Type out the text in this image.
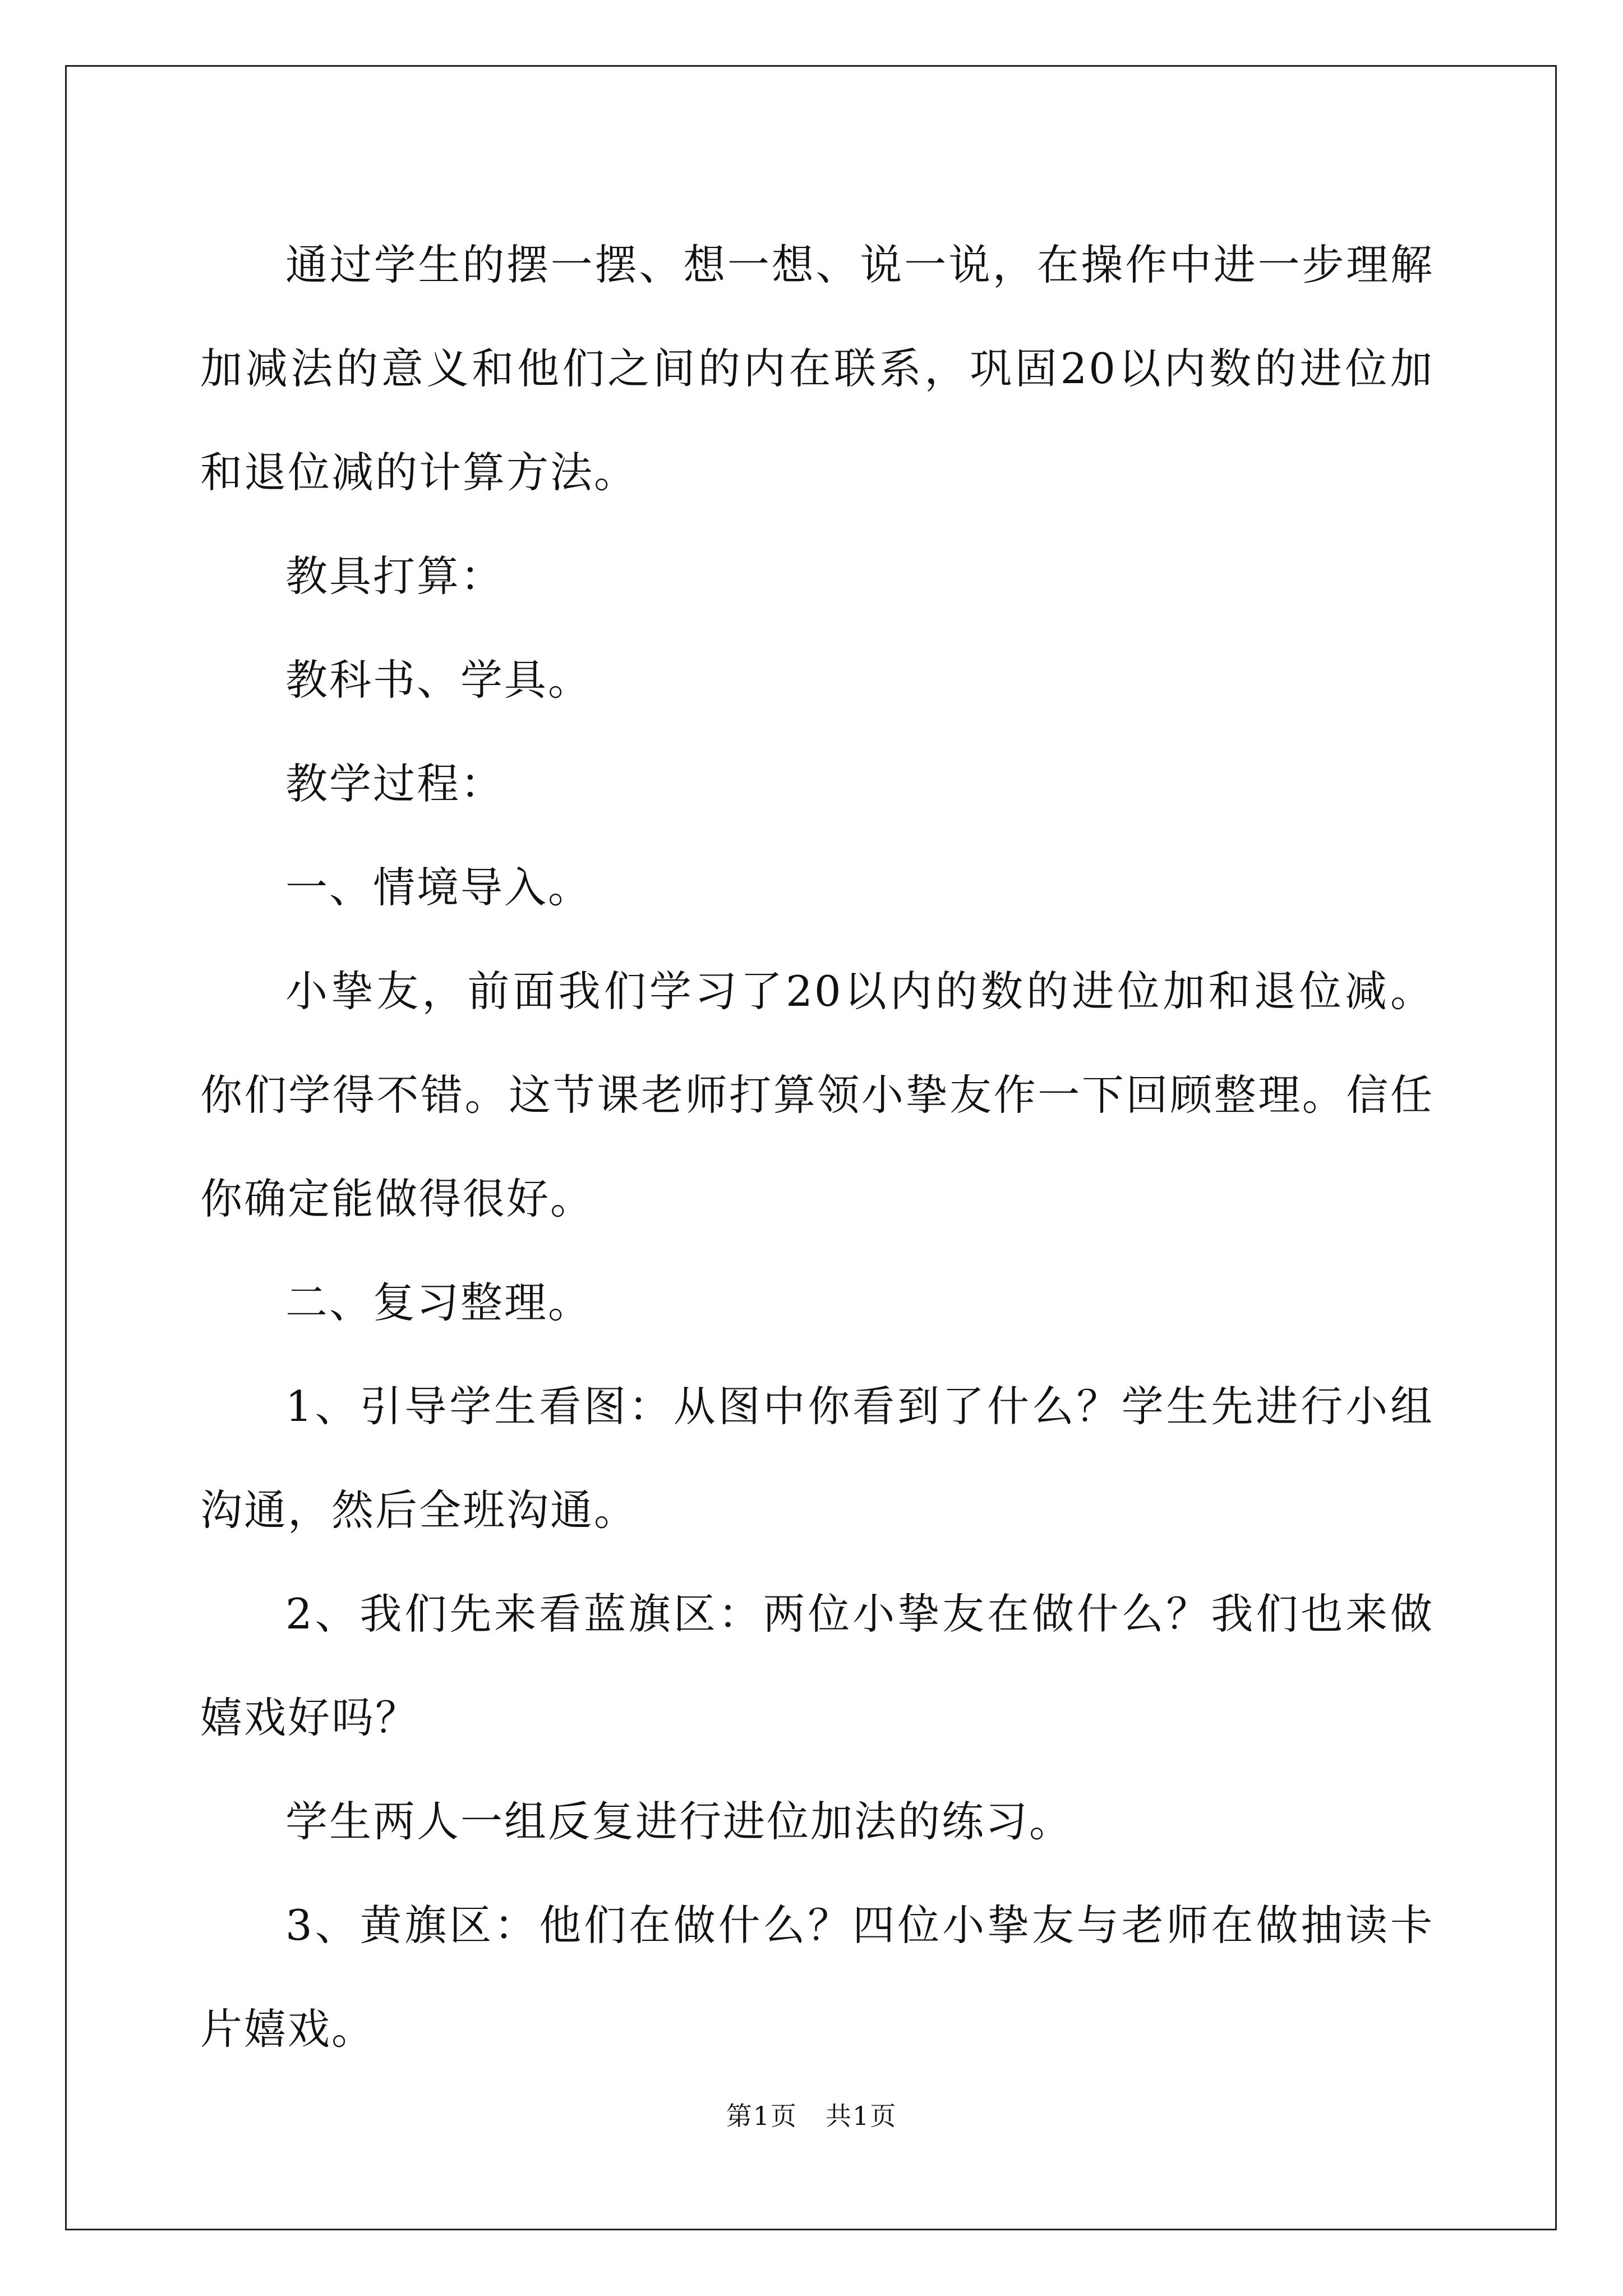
通过学生的摆一摆、想一想、说一说，在操作中进一步理解加减法的意义和他们之间的内在联系，巩固20以内数的进位加和退位减的计算方法。

教具打算：

教科书、学具。

教学过程：

一、情境导入。

小挚友，前面我们学习了20以内的数的进位加和退位减。你们学得不错。这节课老师打算领小挚友作一下回顾整理。信任你确定能做得很好。

二、复习整理。

1、引导学生看图：从图中你看到了什么？学生先进行小组沟通，然后全班沟通。

2、我们先来看蓝旗区：两位小挚友在做什么？我们也来做嬉戏好吗？

学生两人一组反复进行进位加法的练习。

3、黄旗区：他们在做什么？四位小挚友与老师在做抽读卡片嬉戏。

第1页 共1页
